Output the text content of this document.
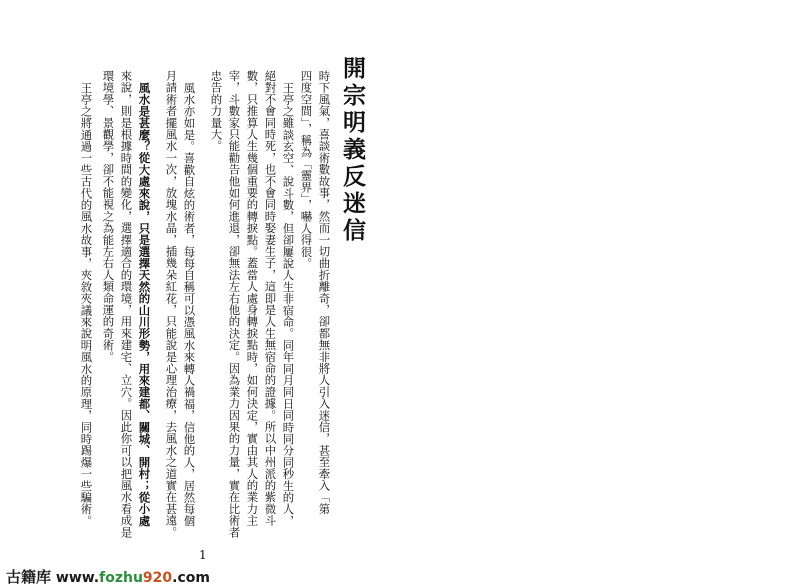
開宗明義反迷信
時下風氣，喜談術數故事，然而一切曲折離奇，卻都無非將人引入迷信，甚至牽入「第
四度空間」，稱為「靈界」，嚇人得很。
王亭之雖談玄空、說斗數，但卻屢說人生非宿命。同年同月同日同時同分同秒生的人，
絕對不會同時死，也不會同時娶妻生子，這即是人生無宿命的證據。所以中州派的紫微斗
數，只推算人生幾個重要的轉捩點。蓋當人處身轉捩點時，如何決定，實由其人的業力主
宰，斗數家只能勸告他如何進退，卻無法左右他的決定。因為業力因果的力量，實在比術者
忠告的力量大。
風水亦如是。喜歡自炫的術者，每每自稱可以憑風水來轉人禍福，信他的人，居然每個
月請術者擺風水一次，放塊水晶，插幾朵紅花，只能說是心理治療，去風水之道實在甚遠。
風水是甚麼？從大處來說，只是選擇天然的山川形勢，用來建都、關城、開村；從小處
來說，則是根據時間的變化，選擇適合的環境，用來建宅、立穴。因此你可以把風水看成是
環境學、景觀學，卻不能視之為能左右人類命運的奇術。
王亭之將通過一些古代的風水故事，夾敘夾議來說明風水的原理，同時踢爆一些騙術。
1
古籍库 www.fozhu920.com
